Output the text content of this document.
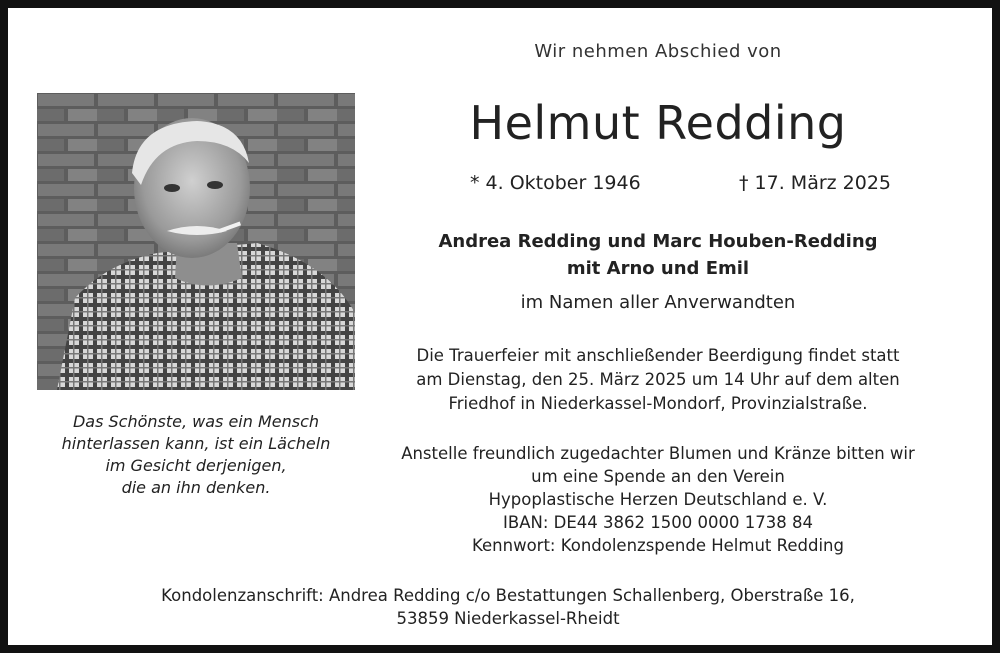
Wir nehmen Abschied von
Helmut Redding
* 4. Oktober 1946	† 17. März 2025
Andrea Redding und Marc Houben-Redding
mit Arno und Emil
im Namen aller Anverwandten
Die Trauerfeier mit anschließender Beerdigung findet statt
am Dienstag, den 25. März 2025 um 14 Uhr auf dem alten
Friedhof in Niederkassel-Mondorf, Provinzialstraße.
Anstelle freundlich zugedachter Blumen und Kränze bitten wir
um eine Spende an den Verein
Hypoplastische Herzen Deutschland e. V.
IBAN: DE44 3862 1500 0000 1738 84
Kennwort: Kondolenzspende Helmut Redding
Kondolenzanschrift: Andrea Redding c/o Bestattungen Schallenberg, Oberstraße 16,
53859 Niederkassel-Rheidt
Das Schönste, was ein Mensch
hinterlassen kann, ist ein Lächeln
im Gesicht derjenigen,
die an ihn denken.
